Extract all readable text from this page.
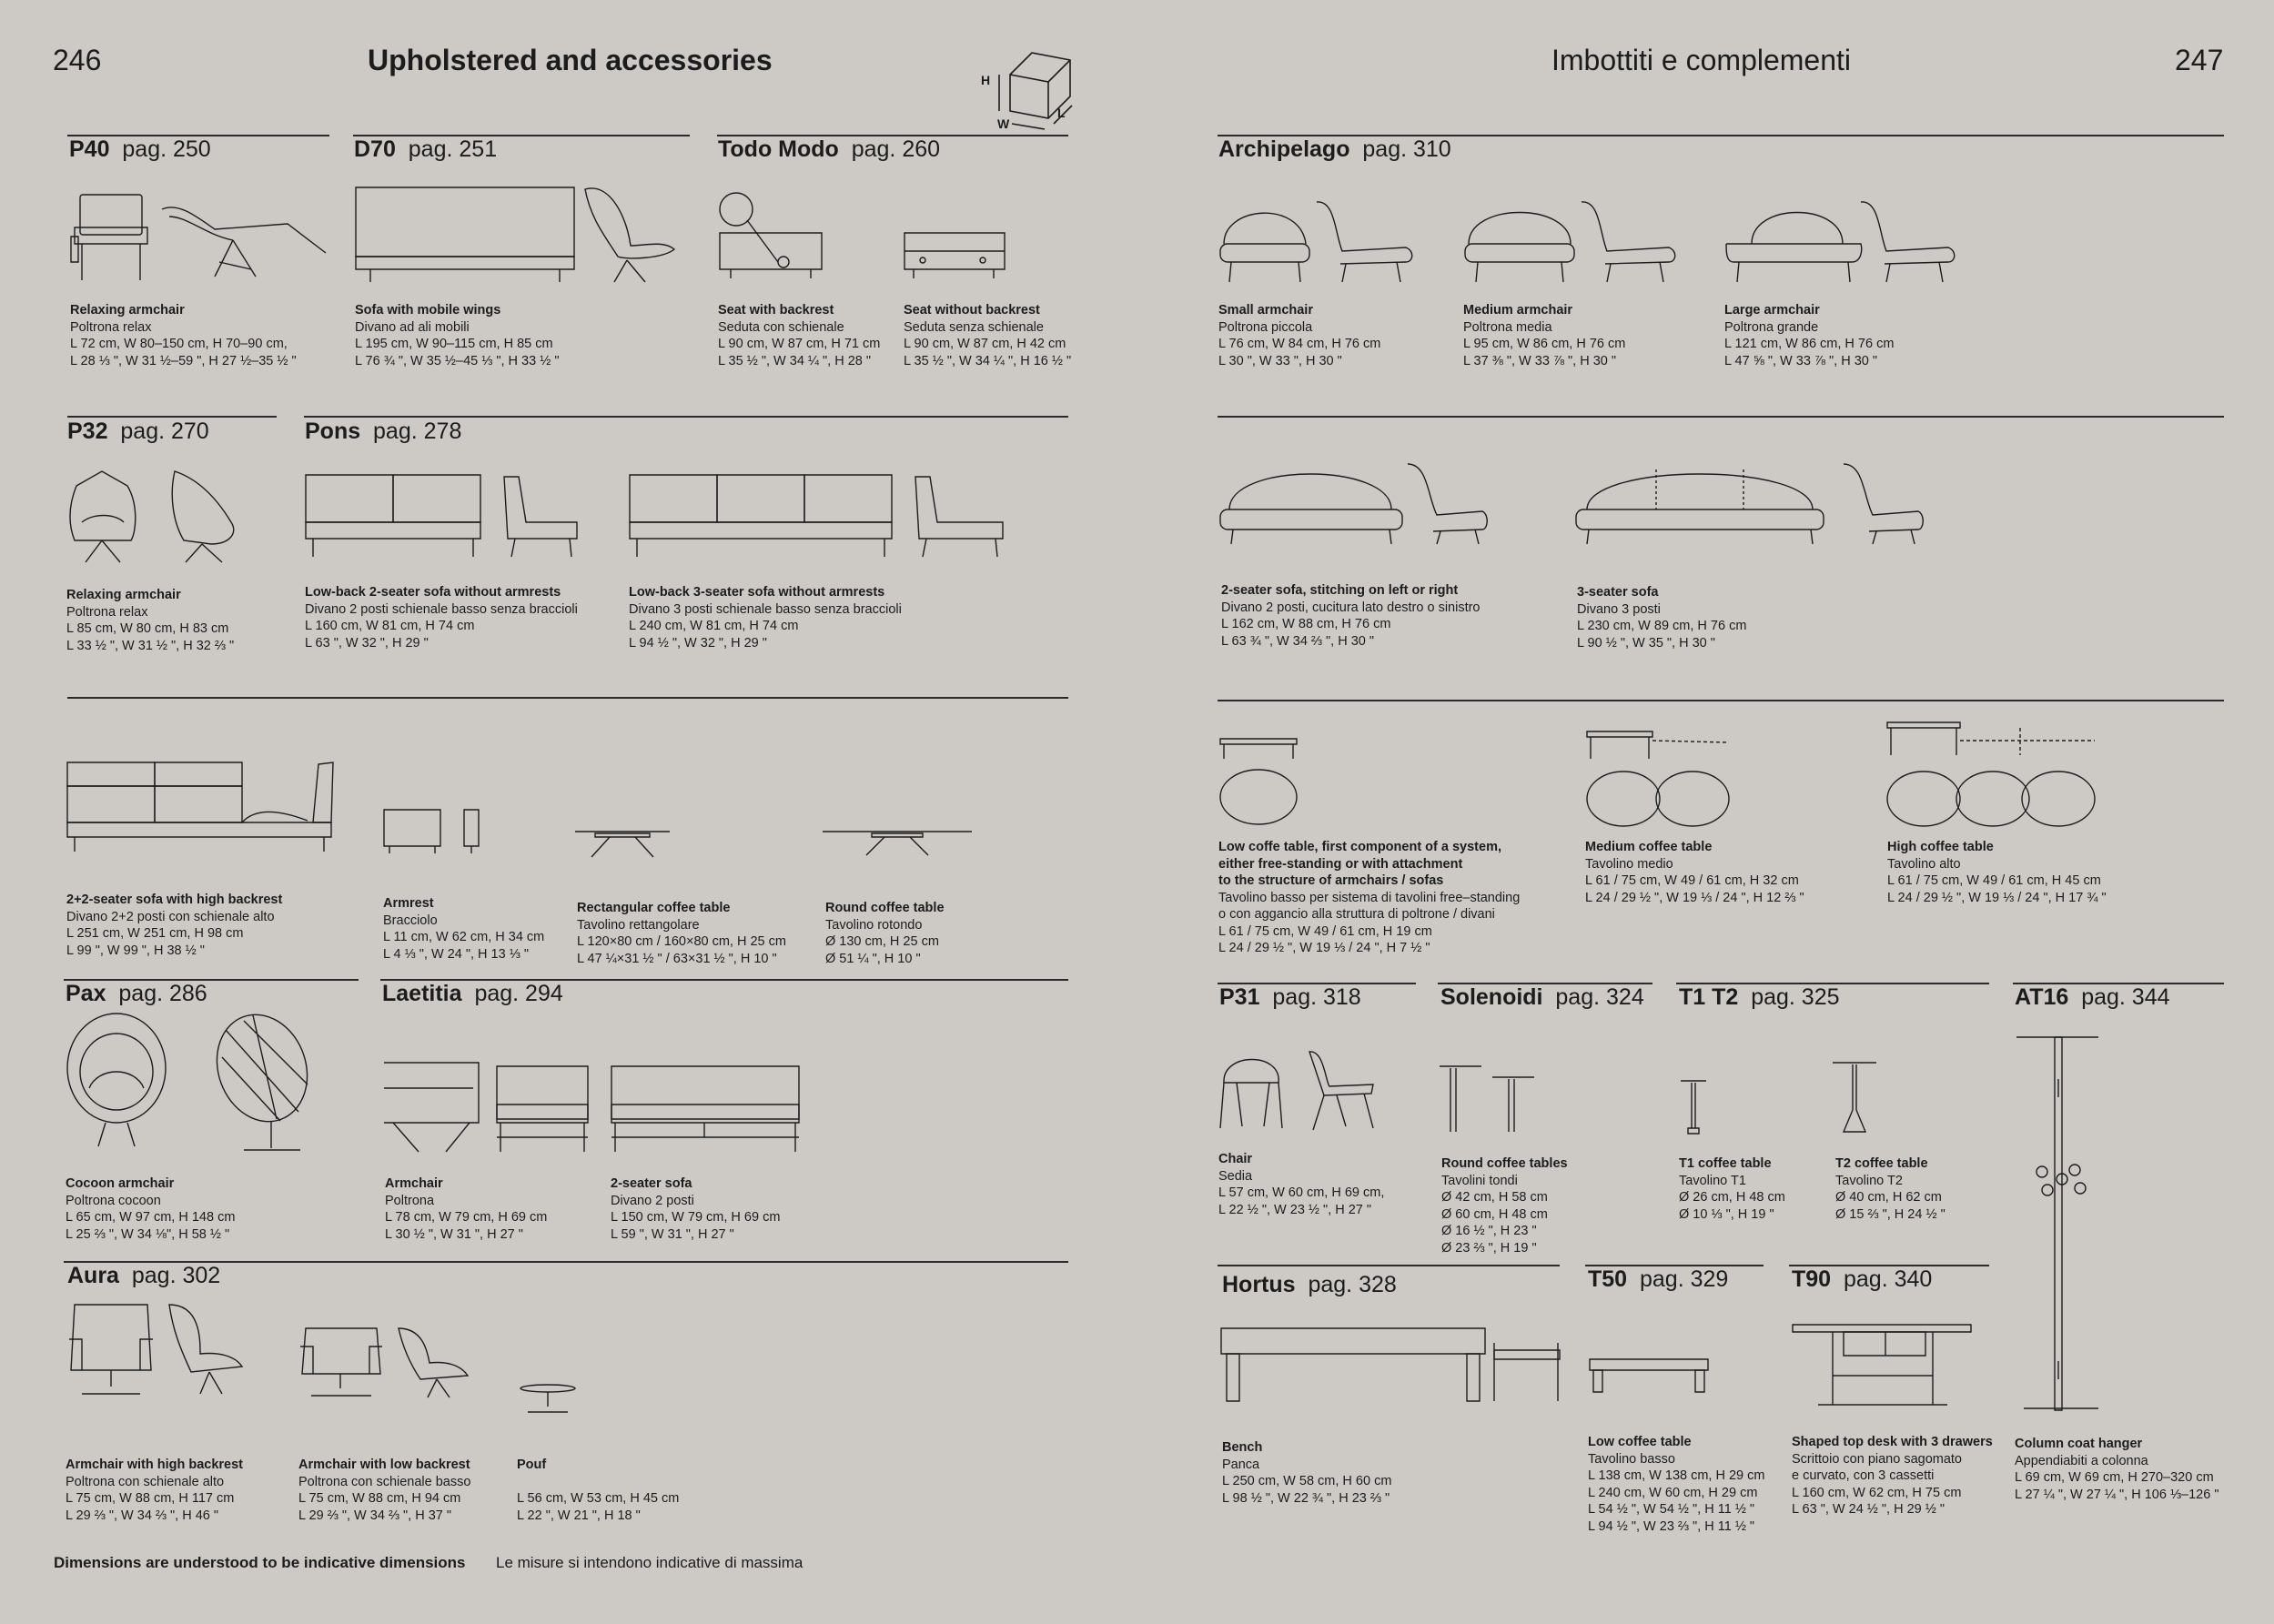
246	Upholstered and accessories	Imbottiti e complementi	247
H
W
L
P40 pag. 250	D70 pag. 251	Todo Modo pag. 260	Archipelago pag. 310
P32 pag. 270	Pons pag. 278
Pax pag. 286	Laetitia pag. 294	P31 pag. 318	Solenoidi pag. 324 T1 T2 pag. 325	AT16 pag. 344
Aura pag. 302	Hortus pag. 328	T50 pag. 329	T90 pag. 340
Relaxing armchair
Poltrona relax
L 72 cm, W 80–150 cm, H 70–90 cm,
L 28 ⅓ ", W 31 ½–59 ", H 27 ½–35 ½ "
Sofa with mobile wings
Divano ad ali mobili
L 195 cm, W 90–115 cm, H 85 cm
L 76 ¾ ", W 35 ½–45 ⅓ ", H 33 ½ "
Seat with backrest
Seduta con schienale
L 90 cm, W 87 cm, H 71 cm
L 35 ½ ", W 34 ¼ ", H 28 "
Seat without backrest
Seduta senza schienale
L 90 cm, W 87 cm, H 42 cm
L 35 ½ ", W 34 ¼ ", H 16 ½ "
Small armchair
Poltrona piccola
L 76 cm, W 84 cm, H 76 cm
L 30 ", W 33 ", H 30 "
Medium armchair
Poltrona media
L 95 cm, W 86 cm, H 76 cm
L 37 ⅜ ", W 33 ⅞ ", H 30 "
Large armchair
Poltrona grande
L 121 cm, W 86 cm, H 76 cm
L 47 ⅝ ", W 33 ⅞ ", H 30 "
Relaxing armchair
Poltrona relax
L 85 cm, W 80 cm, H 83 cm
L 33 ½ ", W 31 ½ ", H 32 ⅔ "
Low-back 2-seater sofa without armrests
Divano 2 posti schienale basso senza braccioli
L 160 cm, W 81 cm, H 74 cm
L 63 ", W 32 ", H 29 "
Low-back 3-seater sofa without armrests
Divano 3 posti schienale basso senza braccioli
L 240 cm, W 81 cm, H 74 cm
L 94 ½ ", W 32 ", H 29 "
2-seater sofa, stitching on left or right
Divano 2 posti, cucitura lato destro o sinistro
L 162 cm, W 88 cm, H 76 cm
L 63 ¾ ", W 34 ⅔ ", H 30 "
3-seater sofa
Divano 3 posti
L 230 cm, W 89 cm, H 76 cm
L 90 ½ ", W 35 ", H 30 "
2+2-seater sofa with high backrest
Divano 2+2 posti con schienale alto
L 251 cm, W 251 cm, H 98 cm
L 99 ", W 99 ", H 38 ½ "
Armrest
Bracciolo
L 11 cm, W 62 cm, H 34 cm
L 4 ⅓ ", W 24 ", H 13 ⅓ "
Rectangular coffee table
Tavolino rettangolare
L 120×80 cm / 160×80 cm, H 25 cm
L 47 ¼×31 ½ " / 63×31 ½ ", H 10 "
Round coffee table
Tavolino rotondo
Ø 130 cm, H 25 cm
Ø 51 ¼ ", H 10 "
Low coffe table, first component of a system,
either free-standing or with attachment
to the structure of armchairs / sofas
Tavolino basso per sistema di tavolini free–standing
o con aggancio alla struttura di poltrone / divani
L 61 / 75 cm, W 49 / 61 cm, H 19 cm
L 24 / 29 ½ ", W 19 ⅓ / 24 ", H 7 ½ "
Medium coffee table
Tavolino medio
L 61 / 75 cm, W 49 / 61 cm, H 32 cm
L 24 / 29 ½ ", W 19 ⅓ / 24 ", H 12 ⅔ "
High coffee table
Tavolino alto
L 61 / 75 cm, W 49 / 61 cm, H 45 cm
L 24 / 29 ½ ", W 19 ⅓ / 24 ", H 17 ¾ "
Cocoon armchair
Poltrona cocoon
L 65 cm, W 97 cm, H 148 cm
L 25 ⅔ ", W 34 ⅛", H 58 ½ "
Armchair
Poltrona
L 78 cm, W 79 cm, H 69 cm
L 30 ½ ", W 31 ", H 27 "
2-seater sofa
Divano 2 posti
L 150 cm, W 79 cm, H 69 cm
L 59 ", W 31 ", H 27 "
Chair
Sedia
L 57 cm, W 60 cm, H 69 cm,
L 22 ½ ", W 23 ½ ", H 27 "
Round coffee tables
Tavolini tondi
Ø 42 cm, H 58 cm
Ø 60 cm, H 48 cm
Ø 16 ½ ", H 23 "
Ø 23 ⅔ ", H 19 "
T1 coffee table
Tavolino T1
Ø 26 cm, H 48 cm
Ø 10 ⅓ ", H 19 "
T2 coffee table
Tavolino T2
Ø 40 cm, H 62 cm
Ø 15 ⅔ ", H 24 ½ "
Column coat hanger
Appendiabiti a colonna
L 69 cm, W 69 cm, H 270–320 cm
L 27 ¼ ", W 27 ¼ ", H 106 ⅓–126 "
Armchair with high backrest
Poltrona con schienale alto
L 75 cm, W 88 cm, H 117 cm
L 29 ⅔ ", W 34 ⅔ ", H 46 "
Armchair with low backrest
Poltrona con schienale basso
L 75 cm, W 88 cm, H 94 cm
L 29 ⅔ ", W 34 ⅔ ", H 37 "
Pouf
L 56 cm, W 53 cm, H 45 cm
L 22 ", W 21 ", H 18 "
Bench
Panca
L 250 cm, W 58 cm, H 60 cm
L 98 ½ ", W 22 ¾ ", H 23 ⅔ "
Low coffee table
Tavolino basso
L 138 cm, W 138 cm, H 29 cm
L 240 cm, W 60 cm, H 29 cm
L 54 ½ ", W 54 ½ ", H 11 ½ "
L 94 ½ ", W 23 ⅔ ", H 11 ½ "
Shaped top desk with 3 drawers
Scrittoio con piano sagomato
e curvato, con 3 cassetti
L 160 cm, W 62 cm, H 75 cm
L 63 ", W 24 ½ ", H 29 ½ "
Dimensions are understood to be indicative dimensions Le misure si intendono indicative di massima
